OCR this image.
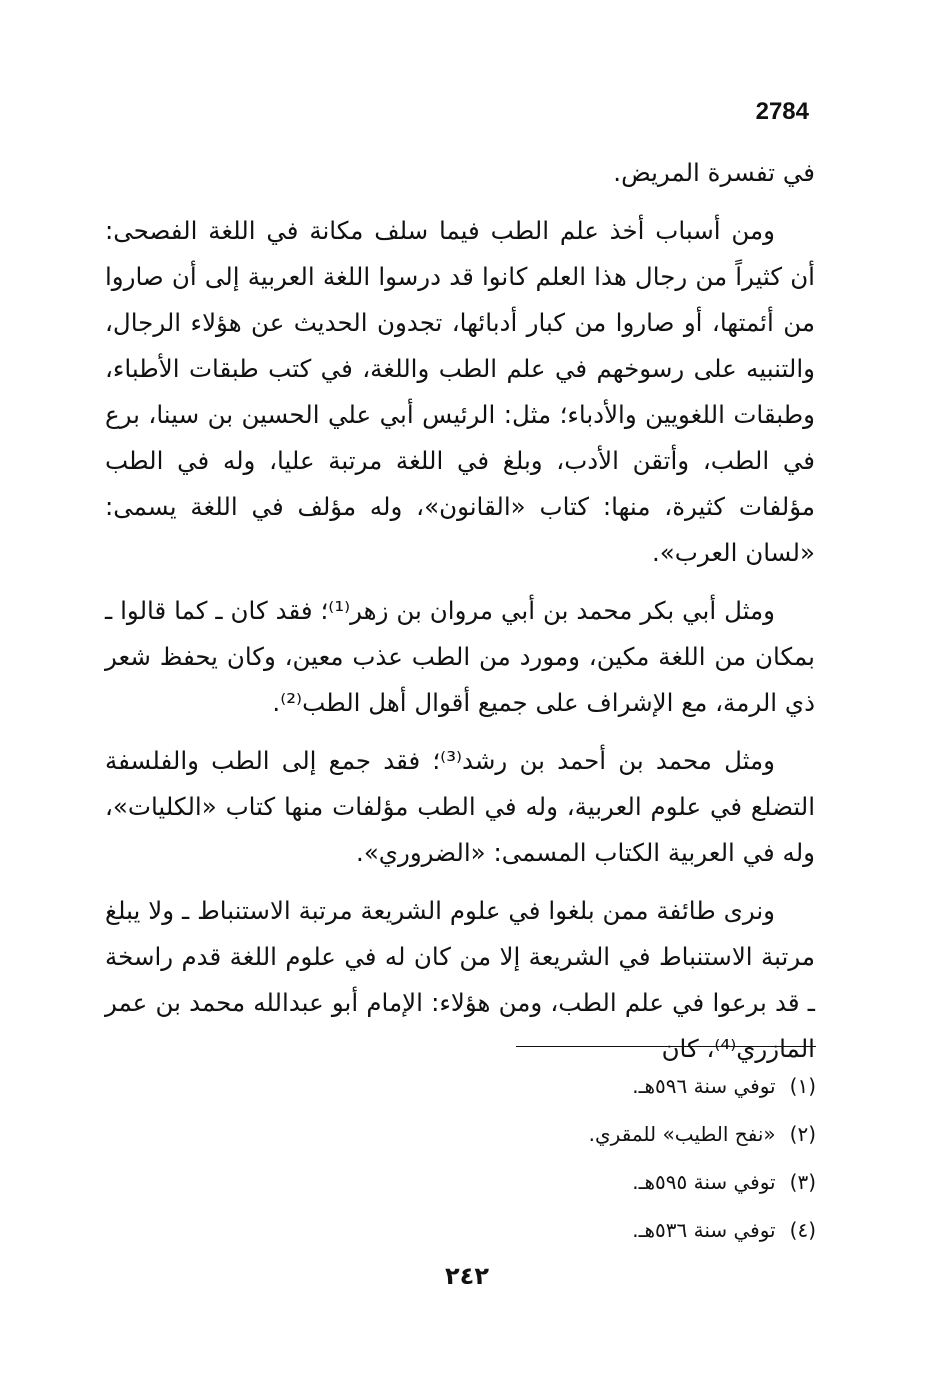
2784

في تفسرة المريض.

ومن أسباب أخذ علم الطب فيما سلف مكانة في اللغة الفصحى: أن كثيراً من رجال هذا العلم كانوا قد درسوا اللغة العربية إلى أن صاروا من أئمتها، أو صاروا من كبار أدبائها، تجدون الحديث عن هؤلاء الرجال، والتنبيه على رسوخهم في علم الطب واللغة، في كتب طبقات الأطباء، وطبقات اللغويين والأدباء؛ مثل: الرئيس أبي علي الحسين بن سينا، برع في الطب، وأتقن الأدب، وبلغ في اللغة مرتبة عليا، وله في الطب مؤلفات كثيرة، منها: كتاب «القانون»، وله مؤلف في اللغة يسمى: «لسان العرب».

ومثل أبي بكر محمد بن أبي مروان بن زهر⁽¹⁾؛ فقد كان ـ كما قالوا ـ بمكان من اللغة مكين، ومورد من الطب عذب معين، وكان يحفظ شعر ذي الرمة، مع الإشراف على جميع أقوال أهل الطب⁽²⁾.

ومثل محمد بن أحمد بن رشد⁽³⁾؛ فقد جمع إلى الطب والفلسفة التضلع في علوم العربية، وله في الطب مؤلفات منها كتاب «الكليات»، وله في العربية الكتاب المسمى: «الضروري».

ونرى طائفة ممن بلغوا في علوم الشريعة مرتبة الاستنباط ـ ولا يبلغ مرتبة الاستنباط في الشريعة إلا من كان له في علوم اللغة قدم راسخة ـ قد برعوا في علم الطب، ومن هؤلاء: الإمام أبو عبدالله محمد بن عمر المازري⁽⁴⁾، كان

(١)توفي سنة ٥٩٦هـ.
(٢)«نفح الطيب» للمقري.
(٣)توفي سنة ٥٩٥هـ.
(٤)توفي سنة ٥٣٦هـ.
٢٤٢
